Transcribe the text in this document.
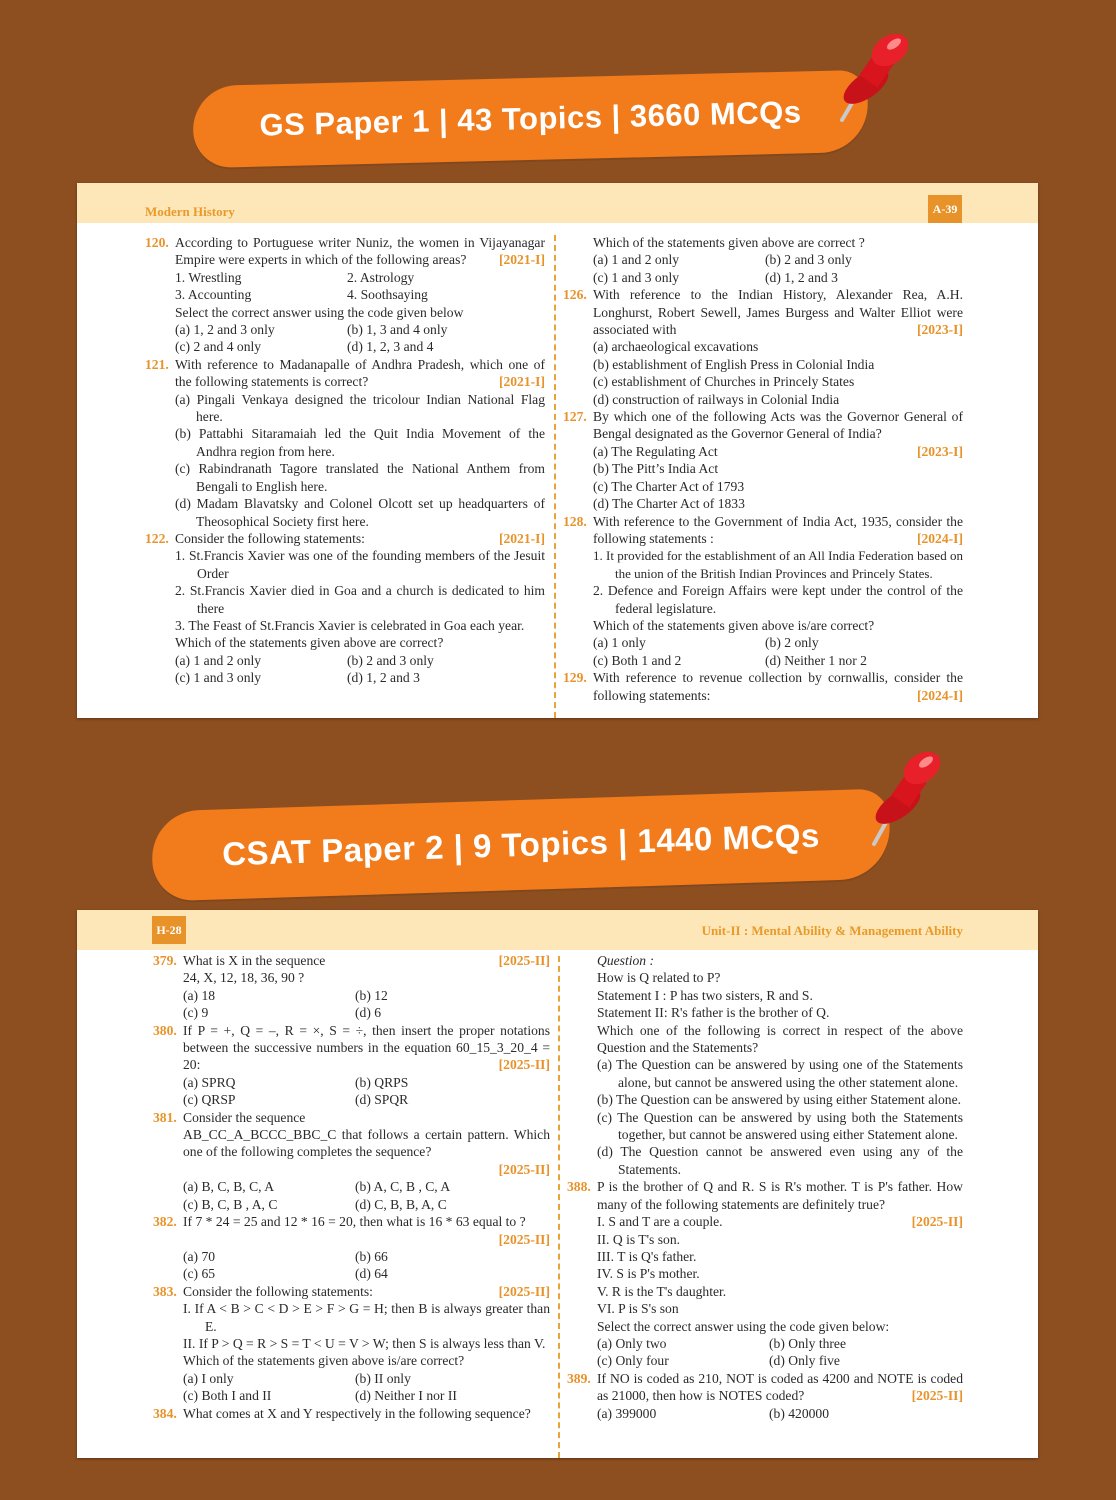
GS Paper 1 | 43 Topics | 3660 MCQs
Modern History	A-39
120. According to Portuguese writer Nuniz, the women in Vijayanagar Empire were experts in which of the following areas? [2021-I]
1. Wrestling	2. Astrology
3. Accounting	4. Soothsaying
Select the correct answer using the code given below
(a) 1, 2 and 3 only	(b) 1, 3 and 4 only
(c) 2 and 4 only	(d) 1, 2, 3 and 4
121. With reference to Madanapalle of Andhra Pradesh, which one of the following statements is correct?	[2021-I]
(a) Pingali Venkaya designed the tricolour Indian National Flag here.
(b) Pattabhi Sitaramaiah led the Quit India Movement of the Andhra region from here.
(c) Rabindranath Tagore translated the National Anthem from Bengali to English here.
(d) Madam Blavatsky and Colonel Olcott set up headquarters of Theosophical Society first here.
122. Consider the following statements:	[2021-I]
1. St.Francis Xavier was one of the founding members of the Jesuit Order
2. St.Francis Xavier died in Goa and a church is dedicated to him there
3. The Feast of St.Francis Xavier is celebrated in Goa each year.
Which of the statements given above are correct?
(a) 1 and 2 only	(b) 2 and 3 only
(c) 1 and 3 only	(d) 1, 2 and 3
Which of the statements given above are correct ?
(a) 1 and 2 only	(b) 2 and 3 only
(c) 1 and 3 only	(d) 1, 2 and 3
126. With reference to the Indian History, Alexander Rea, A.H. Longhurst, Robert Sewell, James Burgess and Walter Elliot were associated with	[2023-I]
(a) archaeological excavations
(b) establishment of English Press in Colonial India
(c) establishment of Churches in Princely States
(d) construction of railways in Colonial India
127. By which one of the following Acts was the Governor General of Bengal designated as the Governor General of India?
(a) The Regulating Act	[2023-I]
(b) The Pitt’s India Act
(c) The Charter Act of 1793
(d) The Charter Act of 1833
128. With reference to the Government of India Act, 1935, consider the following statements :	[2024-I]
1. It provided for the establishment of an All India Federation based on the union of the British Indian Provinces and Princely States.
2. Defence and Foreign Affairs were kept under the control of the federal legislature.
Which of the statements given above is/are correct?
(a) 1 only	(b) 2 only
(c) Both 1 and 2	(d) Neither 1 nor 2
129. With reference to revenue collection by cornwallis, consider the following statements:	[2024-I]
CSAT Paper 2 | 9 Topics | 1440 MCQs
H-28	Unit-II : Mental Ability & Management Ability
379. What is X in the sequence	[2025-II]
24, X, 12, 18, 36, 90 ?
(a) 18	(b) 12
(c) 9	(d) 6
380. If P = +, Q = –, R = ×, S = ÷, then insert the proper notations between the successive numbers in the equation 60_15_3_20_4 = 20:	[2025-II]
(a) SPRQ	(b) QRPS
(c) QRSP	(d) SPQR
381. Consider the sequence
AB_CC_A_BCCC_BBC_C that follows a certain pattern. Which one of the following completes the sequence?
[2025-II]
(a) B, C, B, C, A	(b) A, C, B , C, A
(c) B, C, B , A, C	(d) C, B, B, A, C
382. If 7 * 24 = 25 and 12 * 16 = 20, then what is 16 * 63 equal to ?
[2025-II]
(a) 70	(b) 66
(c) 65	(d) 64
383. Consider the following statements:	[2025-II]
I. If A < B > C < D > E > F > G = H; then B is always greater than E.
II. If P > Q = R > S = T < U = V > W; then S is always less than V.
Which of the statements given above is/are correct?
(a) I only	(b) II only
(c) Both I and II	(d) Neither I nor II
384. What comes at X and Y respectively in the following sequence?
Question :
How is Q related to P?
Statement I : P has two sisters, R and S.
Statement II: R's father is the brother of Q.
Which one of the following is correct in respect of the above Question and the Statements?
(a) The Question can be answered by using one of the Statements alone, but cannot be answered using the other statement alone.
(b) The Question can be answered by using either Statement alone.
(c) The Question can be answered by using both the Statements together, but cannot be answered using either Statement alone.
(d) The Question cannot be answered even using any of the Statements.
388. P is the brother of Q and R. S is R's mother. T is P's father. How many of the following statements are definitely true?
I. S and T are a couple.	[2025-II]
II. Q is T's son.
III. T is Q's father.
IV. S is P's mother.
V. R is the T's daughter.
VI. P is S's son
Select the correct answer using the code given below:
(a) Only two	(b) Only three
(c) Only four	(d) Only five
389. If NO is coded as 210, NOT is coded as 4200 and NOTE is coded as 21000, then how is NOTES coded?	[2025-II]
(a) 399000	(b) 420000
